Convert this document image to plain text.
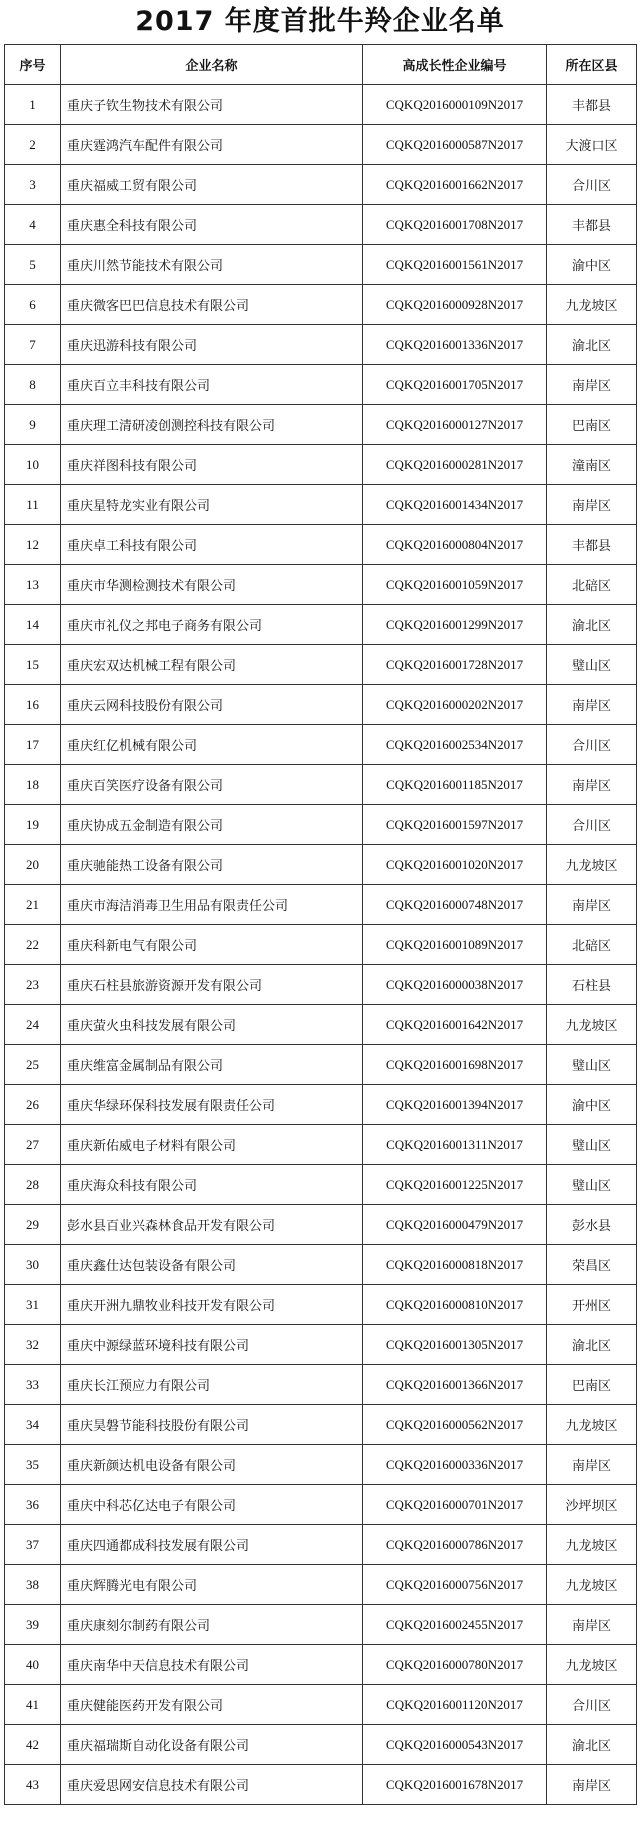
2017 年度首批牛羚企业名单
序号	企业名称	高成长性企业编号	所在区县
1	重庆子钦生物技术有限公司	CQKQ2016000109N2017	丰都县
2	重庆霆鸿汽车配件有限公司	CQKQ2016000587N2017	大渡口区
3	重庆福威工贸有限公司	CQKQ2016001662N2017	合川区
4	重庆惠全科技有限公司	CQKQ2016001708N2017	丰都县
5	重庆川然节能技术有限公司	CQKQ2016001561N2017	渝中区
6	重庆微客巴巴信息技术有限公司	CQKQ2016000928N2017	九龙坡区
7	重庆迅游科技有限公司	CQKQ2016001336N2017	渝北区
8	重庆百立丰科技有限公司	CQKQ2016001705N2017	南岸区
9	重庆理工清研凌创测控科技有限公司	CQKQ2016000127N2017	巴南区
10	重庆祥图科技有限公司	CQKQ2016000281N2017	潼南区
11	重庆星特龙实业有限公司	CQKQ2016001434N2017	南岸区
12	重庆卓工科技有限公司	CQKQ2016000804N2017	丰都县
13	重庆市华测检测技术有限公司	CQKQ2016001059N2017	北碚区
14	重庆市礼仪之邦电子商务有限公司	CQKQ2016001299N2017	渝北区
15	重庆宏双达机械工程有限公司	CQKQ2016001728N2017	璧山区
16	重庆云网科技股份有限公司	CQKQ2016000202N2017	南岸区
17	重庆红亿机械有限公司	CQKQ2016002534N2017	合川区
18	重庆百笑医疗设备有限公司	CQKQ2016001185N2017	南岸区
19	重庆协成五金制造有限公司	CQKQ2016001597N2017	合川区
20	重庆驰能热工设备有限公司	CQKQ2016001020N2017	九龙坡区
21	重庆市海洁消毒卫生用品有限责任公司	CQKQ2016000748N2017	南岸区
22	重庆科新电气有限公司	CQKQ2016001089N2017	北碚区
23	重庆石柱县旅游资源开发有限公司	CQKQ2016000038N2017	石柱县
24	重庆萤火虫科技发展有限公司	CQKQ2016001642N2017	九龙坡区
25	重庆维富金属制品有限公司	CQKQ2016001698N2017	璧山区
26	重庆华绿环保科技发展有限责任公司	CQKQ2016001394N2017	渝中区
27	重庆新佑威电子材料有限公司	CQKQ2016001311N2017	璧山区
28	重庆海众科技有限公司	CQKQ2016001225N2017	璧山区
29	彭水县百业兴森林食品开发有限公司	CQKQ2016000479N2017	彭水县
30	重庆鑫仕达包装设备有限公司	CQKQ2016000818N2017	荣昌区
31	重庆开洲九鼎牧业科技开发有限公司	CQKQ2016000810N2017	开州区
32	重庆中源绿蓝环境科技有限公司	CQKQ2016001305N2017	渝北区
33	重庆长江预应力有限公司	CQKQ2016001366N2017	巴南区
34	重庆昊磐节能科技股份有限公司	CQKQ2016000562N2017	九龙坡区
35	重庆新颜达机电设备有限公司	CQKQ2016000336N2017	南岸区
36	重庆中科芯亿达电子有限公司	CQKQ2016000701N2017	沙坪坝区
37	重庆四通都成科技发展有限公司	CQKQ2016000786N2017	九龙坡区
38	重庆辉腾光电有限公司	CQKQ2016000756N2017	九龙坡区
39	重庆康刻尔制药有限公司	CQKQ2016002455N2017	南岸区
40	重庆南华中天信息技术有限公司	CQKQ2016000780N2017	九龙坡区
41	重庆健能医药开发有限公司	CQKQ2016001120N2017	合川区
42	重庆福瑞斯自动化设备有限公司	CQKQ2016000543N2017	渝北区
43	重庆爱思网安信息技术有限公司	CQKQ2016001678N2017	南岸区
